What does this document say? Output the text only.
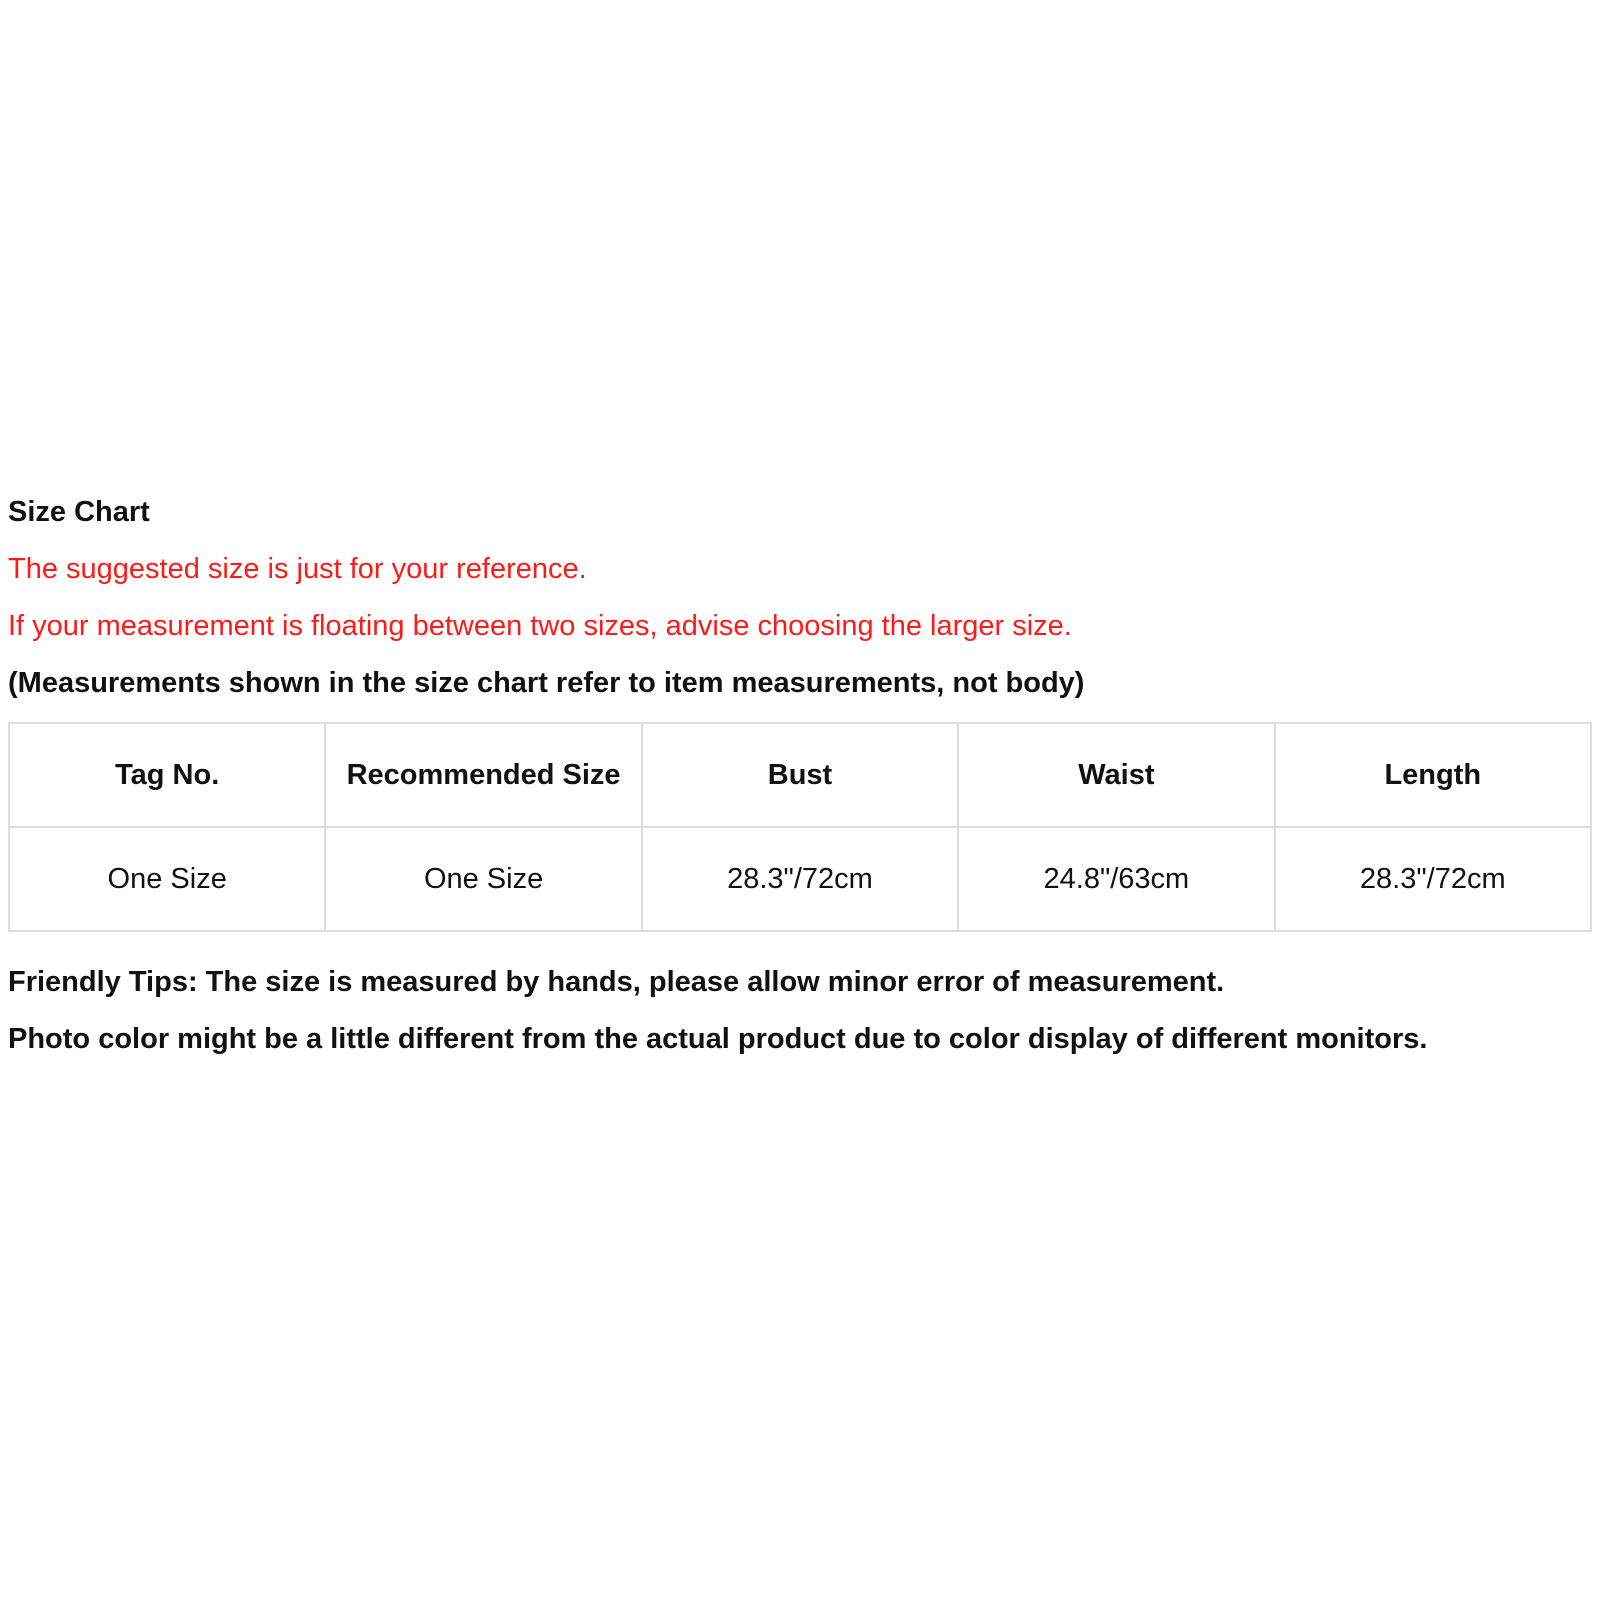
Size Chart
The suggested size is just for your reference.
If your measurement is floating between two sizes, advise choosing the larger size.
(Measurements shown in the size chart refer to item measurements, not body)
Tag No.	Recommended Size	Bust	Waist	Length
One Size	One Size	28.3"/72cm	24.8"/63cm	28.3"/72cm
Friendly Tips: The size is measured by hands, please allow minor error of measurement.
Photo color might be a little different from the actual product due to color display of different monitors.
